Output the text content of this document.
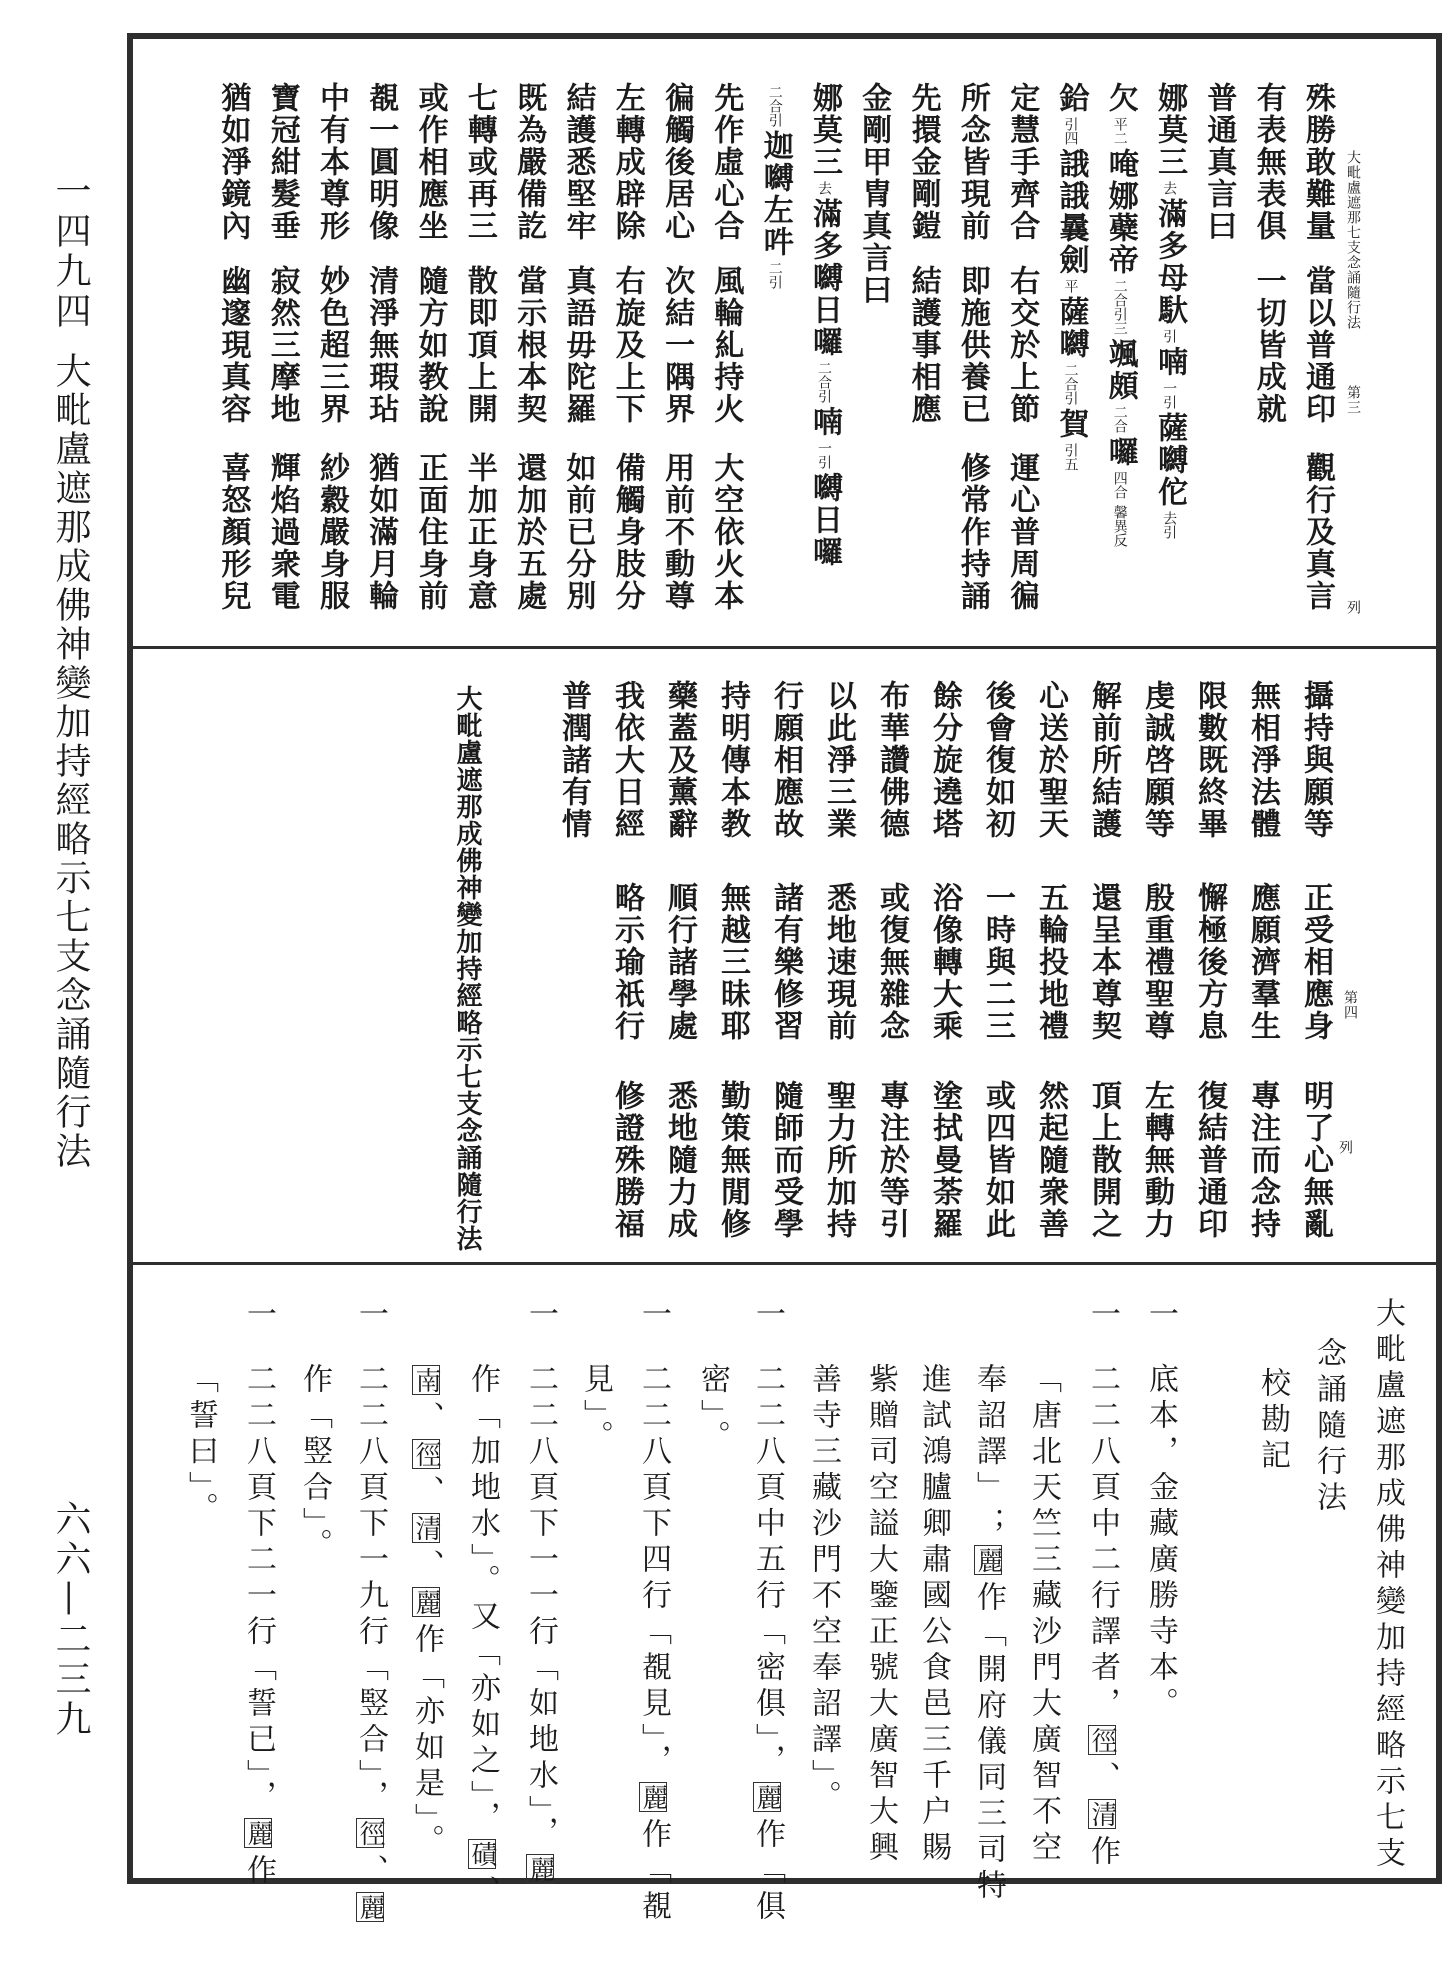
一四九四
大毗盧遮那成佛神變加持經略示七支念誦隨行法
六六—二三九
大毗盧遮那七支念誦隨行法
第三
列
第四
列
大毗盧遮那成佛神變加持經略示七支念誦隨行法
大毗盧遮那成佛神變加持經略示七支
念誦隨行法
校勘記
殊勝敢難量
當以普通印
觀行及真言
有表無表俱
一切皆成就
普通真言曰
娜莫三去滿多母馱引喃一引薩嚩佗去引
欠平二唵娜蘗帝二合引三颯頗二合囉四合馨異反
鉿引四誐誐曩劍平薩嚩二合引賀引五
定慧手齊合
右交於上節
運心普周徧
所念皆現前
即施供養已
修常作持誦
先擐金剛鎧
結護事相應
金剛甲冑真言曰
娜莫三去滿多嚩日囉二合引喃一引嚩日囉
二合引迦嚩左吽二引
先作虛心合
風輪糺持火
大空依火本
徧觸後居心
次結一隅界
用前不動尊
左轉成辟除
右旋及上下
備觸身肢分
結護悉堅牢
真語毋陀羅
如前已分別
既為嚴備訖
當示根本契
還加於五處
七轉或再三
散即頂上開
半加正身意
或作相應坐
隨方如教說
正面住身前
覩一圓明像
清淨無瑕玷
猶如滿月輪
中有本尊形
妙色超三界
紗縠嚴身服
寶冠紺髮垂
寂然三摩地
輝焰過衆電
猶如淨鏡內
幽邃現真容
喜怒顏形兒
攝持與願等
正受相應身
明了心無亂
無相淨法體
應願濟羣生
專注而念持
限數既終畢
懈極後方息
復結普通印
虔誠啓願等
殷重禮聖尊
左轉無動力
解前所結護
還呈本尊契
頂上散開之
心送於聖天
五輪投地禮
然起隨衆善
後會復如初
一時與二三
或四皆如此
餘分旋遶塔
浴像轉大乘
塗拭曼荼羅
布華讚佛德
或復無雜念
專注於等引
以此淨三業
悉地速現前
聖力所加持
行願相應故
諸有樂修習
隨師而受學
持明傳本教
無越三昧耶
勤策無閒修
藥蓋及薰辭
順行諸學處
悉地隨力成
我依大日經
略示瑜祇行
修證殊勝福
普潤諸有情
一
底本，金藏廣勝寺本。
一
二二八頁中二行譯者，徑、清作
「唐北天竺三藏沙門大廣智不空
奉詔譯」；麗作「開府儀同三司特
進試鴻臚卿肅國公食邑三千户賜
紫贈司空謚大鑒正號大廣智大興
善寺三藏沙門不空奉詔譯」。
一
二二八頁中五行「密俱」，麗作「俱
密」。
一
二二八頁下四行「覩見」，麗作「覩
見」。
一
二二八頁下一一行「如地水」，麗
作「加地水」。又「亦如之」，磧、
南、徑、清、麗作「亦如是」。
一
二二八頁下一九行「竪合」，徑、麗
作「竪合」。
一
二二八頁下二一行「誓已」，麗作
「誓曰」。
